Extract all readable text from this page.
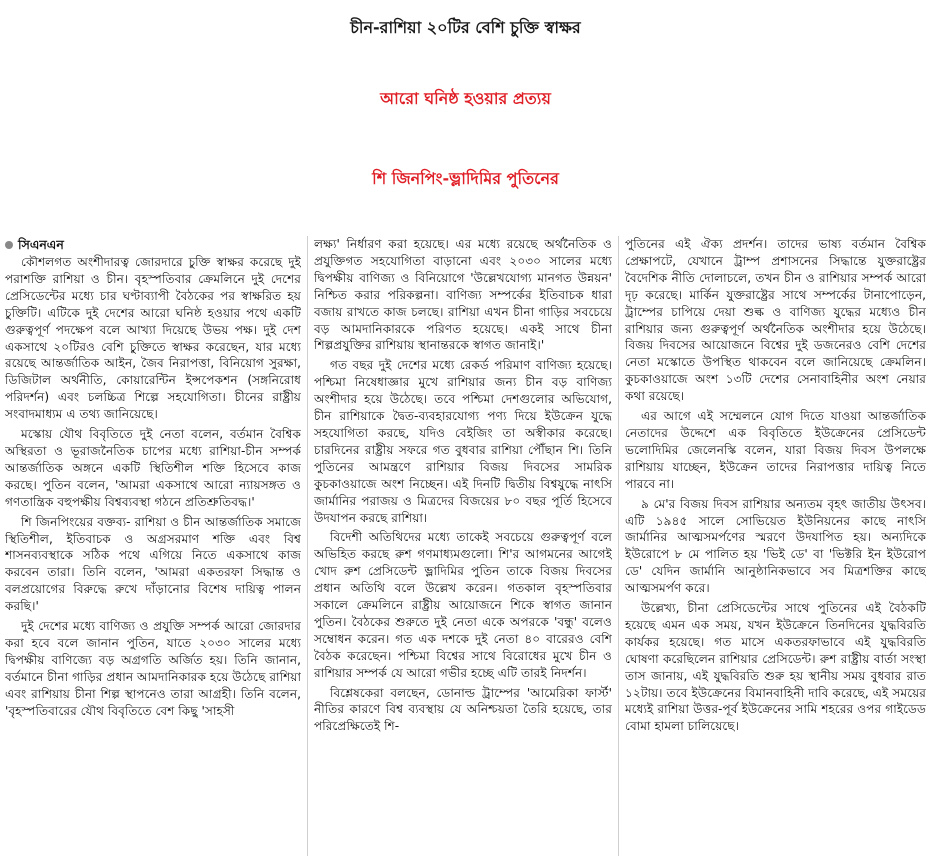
চীন-রাশিয়া ২০টির বেশি চুক্তি স্বাক্ষর
আরো ঘনিষ্ঠ হওয়ার প্রত্যয়
শি জিনপিং-ভ্লাদিমির পুতিনের
সিএনএন

কৌশলগত অংশীদারত্ব জোরদারে চুক্তি স্বাক্ষর করেছে দুই পরাশক্তি রাশিয়া ও চীন। বৃহস্পতিবার ক্রেমলিনে দুই দেশের প্রেসিডেন্টের মধ্যে চার ঘণ্টাব্যাপী বৈঠকের পর স্বাক্ষরিত হয় চুক্তিটি। এটিকে দুই দেশের আরো ঘনিষ্ঠ হওয়ার পথে একটি গুরুত্বপূর্ণ পদক্ষেপ বলে আখ্যা দিয়েছে উভয় পক্ষ। দুই দেশ একসাথে ২০টিরও বেশি চুক্তিতে স্বাক্ষর করেছেন, যার মধ্যে রয়েছে আন্তর্জাতিক আইন, জৈব নিরাপত্তা, বিনিয়োগ সুরক্ষা, ডিজিটাল অর্থনীতি, কোয়ারেন্টিন ইন্সপেকশন (সঙ্গনিরোধ পরিদর্শন) এবং চলচ্চিত্র শিল্পে সহযোগিতা। চীনের রাষ্ট্রীয় সংবাদমাধ্যম এ তথ্য জানিয়েছে।

মস্কোয় যৌথ বিবৃতিতে দুই নেতা বলেন, বর্তমান বৈশ্বিক অস্থিরতা ও ভূরাজনৈতিক চাপের মধ্যে রাশিয়া-চীন সম্পর্ক আন্তর্জাতিক অঙ্গনে একটি স্থিতিশীল শক্তি হিসেবে কাজ করছে। পুতিন বলেন, 'আমরা একসাথে আরো ন্যায়সঙ্গত ও গণতান্ত্রিক বহুপক্ষীয় বিশ্বব্যবস্থা গঠনে প্রতিশ্রুতিবদ্ধ।'

শি জিনপিংয়ের বক্তব্য- রাশিয়া ও চীন আন্তর্জাতিক সমাজে স্থিতিশীল, ইতিবাচক ও অগ্রসরমাণ শক্তি এবং বিশ্ব শাসনব্যবস্থাকে সঠিক পথে এগিয়ে নিতে একসাথে কাজ করবেন তারা। তিনি বলেন, 'আমরা একতরফা সিদ্ধান্ত ও বলপ্রয়োগের বিরুদ্ধে রুখে দাঁড়ানোর বিশেষ দায়িত্ব পালন করছি।'

দুই দেশের মধ্যে বাণিজ্য ও প্রযুক্তি সম্পর্ক আরো জোরদার করা হবে বলে জানান পুতিন, যাতে ২০৩০ সালের মধ্যে দ্বিপক্ষীয় বাণিজ্যে বড় অগ্রগতি অর্জিত হয়। তিনি জানান, বর্তমানে চীনা গাড়ির প্রধান আমদানিকারক হয়ে উঠেছে রাশিয়া এবং রাশিয়ায় চীনা শিল্প স্থাপনেও তারা আগ্রহী। তিনি বলেন, 'বৃহস্পতিবারের যৌথ বিবৃতিতে বেশ কিছু 'সাহসী

লক্ষ্য' নির্ধারণ করা হয়েছে। এর মধ্যে রয়েছে অর্থনৈতিক ও প্রযুক্তিগত সহযোগিতা বাড়ানো এবং ২০৩০ সালের মধ্যে দ্বিপক্ষীয় বাণিজ্য ও বিনিয়োগে 'উল্লেখযোগ্য মানগত উন্নয়ন' নিশ্চিত করার পরিকল্পনা। বাণিজ্য সম্পর্কের ইতিবাচক ধারা বজায় রাখতে কাজ চলছে। রাশিয়া এখন চীনা গাড়ির সবচেয়ে বড় আমদানিকারকে পরিণত হয়েছে। একই সাথে চীনা শিল্পপ্রযুক্তির রাশিয়ায় স্থানান্তরকে স্বাগত জানাই।'

গত বছর দুই দেশের মধ্যে রেকর্ড পরিমাণ বাণিজ্য হয়েছে। পশ্চিমা নিষেধাজ্ঞার মুখে রাশিয়ার জন্য চীন বড় বাণিজ্য অংশীদার হয়ে উঠেছে। তবে পশ্চিমা দেশগুলোর অভিযোগ, চীন রাশিয়াকে দ্বৈত-ব্যবহারযোগ্য পণ্য দিয়ে ইউক্রেন যুদ্ধে সহযোগিতা করছে, যদিও বেইজিং তা অস্বীকার করেছে। চারদিনের রাষ্ট্রীয় সফরে গত বুধবার রাশিয়া পৌঁছান শি। তিনি পুতিনের আমন্ত্রণে রাশিয়ার বিজয় দিবসের সামরিক কুচকাওয়াজে অংশ নিচ্ছেন। এই দিনটি দ্বিতীয় বিশ্বযুদ্ধে নাৎসি জার্মানির পরাজয় ও মিত্রদের বিজয়ের ৮০ বছর পূর্তি হিসেবে উদযাপন করছে রাশিয়া।

বিদেশী অতিথিদের মধ্যে তাকেই সবচেয়ে গুরুত্বপূর্ণ বলে অভিহিত করছে রুশ গণমাধ্যমগুলো। শি'র আগমনের আগেই খোদ রুশ প্রেসিডেন্ট ভ্লাদিমির পুতিন তাকে বিজয় দিবসের প্রধান অতিথি বলে উল্লেখ করেন। গতকাল বৃহস্পতিবার সকালে ক্রেমলিনে রাষ্ট্রীয় আয়োজনে শিকে স্বাগত জানান পুতিন। বৈঠকের শুরুতে দুই নেতা একে অপরকে 'বন্ধু' বলেও সম্বোধন করেন। গত এক দশকে দুই নেতা ৪০ বারেরও বেশি বৈঠক করেছেন। পশ্চিমা বিশ্বের সাথে বিরোধের মুখে চীন ও রাশিয়ার সম্পর্ক যে আরো গভীর হচ্ছে এটি তারই নিদর্শন।

বিশ্লেষকেরা বলছেন, ডোনাল্ড ট্রাম্পের 'আমেরিকা ফার্স্ট' নীতির কারণে বিশ্ব ব্যবস্থায় যে অনিশ্চয়তা তৈরি হয়েছে, তার পরিপ্রেক্ষিতেই শি-

পুতিনের এই ঐক্য প্রদর্শন। তাদের ভাষ্য বর্তমান বৈশ্বিক প্রেক্ষাপটে, যেখানে ট্রাম্প প্রশাসনের সিদ্ধান্তে যুক্তরাষ্ট্রের বৈদেশিক নীতি দোলাচলে, তখন চীন ও রাশিয়ার সম্পর্ক আরো দৃঢ় করেছে। মার্কিন যুক্তরাষ্ট্রের সাথে সম্পর্কের টানাপোড়েন, ট্রাম্পের চাপিয়ে দেয়া শুল্ক ও বাণিজ্য যুদ্ধের মধ্যেও চীন রাশিয়ার জন্য গুরুত্বপূর্ণ অর্থনৈতিক অংশীদার হয়ে উঠেছে। বিজয় দিবসের আয়োজনে বিশ্বের দুই ডজনেরও বেশি দেশের নেতা মস্কোতে উপস্থিত থাকবেন বলে জানিয়েছে ক্রেমলিন। কুচকাওয়াজে অংশ ১৩টি দেশের সেনাবাহিনীর অংশ নেয়ার কথা রয়েছে।

এর আগে এই সম্মেলনে যোগ দিতে যাওয়া আন্তর্জাতিক নেতাদের উদ্দেশে এক বিবৃতিতে ইউক্রেনের প্রেসিডেন্ট ভলোদিমির জেলেনস্কি বলেন, যারা বিজয় দিবস উপলক্ষে রাশিয়ায় যাচ্ছেন, ইউক্রেন তাদের নিরাপত্তার দায়িত্ব নিতে পারবে না।

৯ মে'র বিজয় দিবস রাশিয়ার অন্যতম বৃহৎ জাতীয় উৎসব। এটি ১৯৪৫ সালে সোভিয়েত ইউনিয়নের কাছে নাৎসি জার্মানির আত্মসমর্পণের স্মরণে উদযাপিত হয়। অন্যদিকে ইউরোপে ৮ মে পালিত হয় 'ভিই ডে' বা 'ভিক্টরি ইন ইউরোপ ডে' যেদিন জার্মানি আনুষ্ঠানিকভাবে সব মিত্রশক্তির কাছে আত্মসমর্পণ করে।

উল্লেখ্য, চীনা প্রেসিডেন্টের সাথে পুতিনের এই বৈঠকটি হয়েছে এমন এক সময়, যখন ইউক্রেনে তিনদিনের যুদ্ধবিরতি কার্যকর হয়েছে। গত মাসে একতরফাভাবে এই যুদ্ধবিরতি ঘোষণা করেছিলেন রাশিয়ার প্রেসিডেন্ট। রুশ রাষ্ট্রীয় বার্তা সংস্থা তাস জানায়, এই যুদ্ধবিরতি শুরু হয় স্থানীয় সময় বুধবার রাত ১২টায়। তবে ইউক্রেনের বিমানবাহিনী দাবি করেছে, এই সময়ের মধ্যেই রাশিয়া উত্তর-পূর্ব ইউক্রেনের সামি শহরের ওপর গাইডেড বোমা হামলা চালিয়েছে।
